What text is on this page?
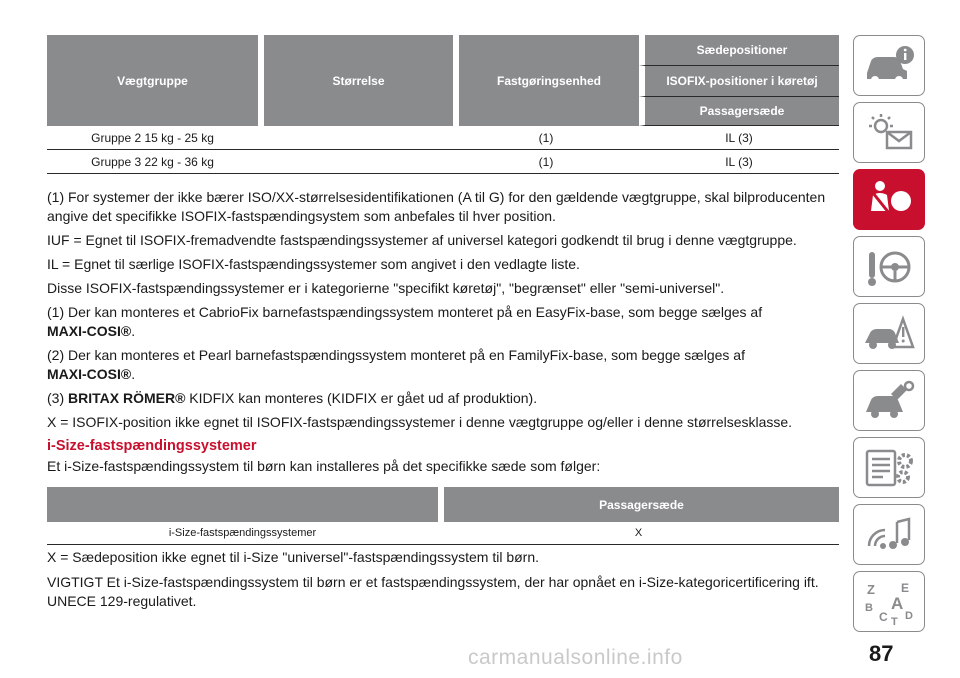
Vægtgruppe	Størrelse	Fastgøringsenhed	Sædepositioner
			ISOFIX-positioner i køretøj
			Passagersæde
Gruppe 2 15 kg - 25 kg		(1)	IL (3)
Gruppe 3 22 kg - 36 kg		(1)	IL (3)

(1) For systemer der ikke bærer ISO/XX-størrelsesidentifikationen (A til G) for den gældende vægtgruppe, skal bilproducenten angive det specifikke ISOFIX-fastspændingsystem som anbefales til hver position.

IUF = Egnet til ISOFIX-fremadvendte fastspændingssystemer af universel kategori godkendt til brug i denne vægtgruppe.

IL = Egnet til særlige ISOFIX-fastspændingssystemer som angivet i den vedlagte liste.

Disse ISOFIX-fastspændingssystemer er i kategorierne "specifikt køretøj", "begrænset" eller "semi-universel".

(1) Der kan monteres et CabrioFix barnefastspændingssystem monteret på en EasyFix-base, som begge sælges af
MAXI-COSI®.

(2) Der kan monteres et Pearl barnefastspændingssystem monteret på en FamilyFix-base, som begge sælges af
MAXI-COSI®.

(3) BRITAX RÖMER® KIDFIX kan monteres (KIDFIX er gået ud af produktion).

X = ISOFIX-position ikke egnet til ISOFIX-fastspændingssystemer i denne vægtgruppe og/eller i denne størrelsesklasse.

i-Size-fastspændingssystemer

Et i-Size-fastspændingssystem til børn kan installeres på det specifikke sæde som følger:

	Passagersæde
i-Size-fastspændingssystemer	X

X = Sædeposition ikke egnet til i-Size "universel"-fastspændingssystem til børn.

VIGTIGT Et i-Size-fastspændingssystem til børn er et fastspændingssystem, der har opnået en i-Size-kategoricertificering ift. UNECE 129-regulativet.

Z E
B A
C D
T
87
carmanualsonline.info
